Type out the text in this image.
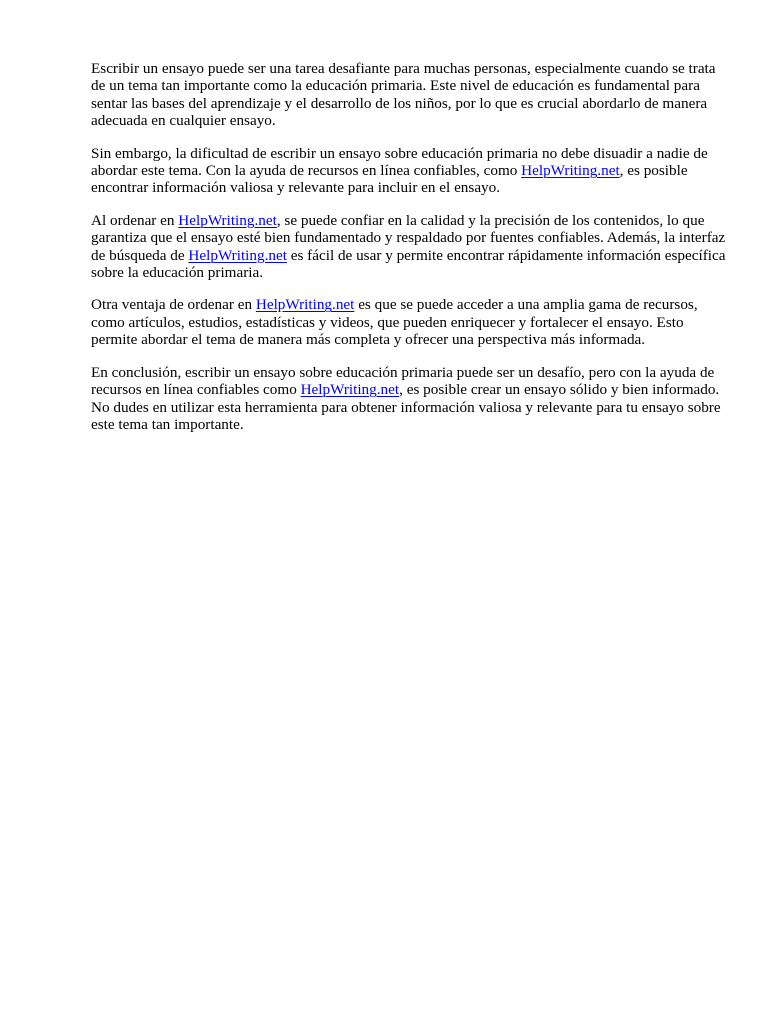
Escribir un ensayo puede ser una tarea desafiante para muchas personas, especialmente cuando se trata de un tema tan importante como la educación primaria. Este nivel de educación es fundamental para sentar las bases del aprendizaje y el desarrollo de los niños, por lo que es crucial abordarlo de manera adecuada en cualquier ensayo.

Sin embargo, la dificultad de escribir un ensayo sobre educación primaria no debe disuadir a nadie de abordar este tema. Con la ayuda de recursos en línea confiables, como HelpWriting.net, es posible encontrar información valiosa y relevante para incluir en el ensayo.

Al ordenar en HelpWriting.net, se puede confiar en la calidad y la precisión de los contenidos, lo que garantiza que el ensayo esté bien fundamentado y respaldado por fuentes confiables. Además, la interfaz de búsqueda de HelpWriting.net es fácil de usar y permite encontrar rápidamente información específica sobre la educación primaria.

Otra ventaja de ordenar en HelpWriting.net es que se puede acceder a una amplia gama de recursos, como artículos, estudios, estadísticas y videos, que pueden enriquecer y fortalecer el ensayo. Esto permite abordar el tema de manera más completa y ofrecer una perspectiva más informada.

En conclusión, escribir un ensayo sobre educación primaria puede ser un desafío, pero con la ayuda de recursos en línea confiables como HelpWriting.net, es posible crear un ensayo sólido y bien informado. No dudes en utilizar esta herramienta para obtener información valiosa y relevante para tu ensayo sobre este tema tan importante.
